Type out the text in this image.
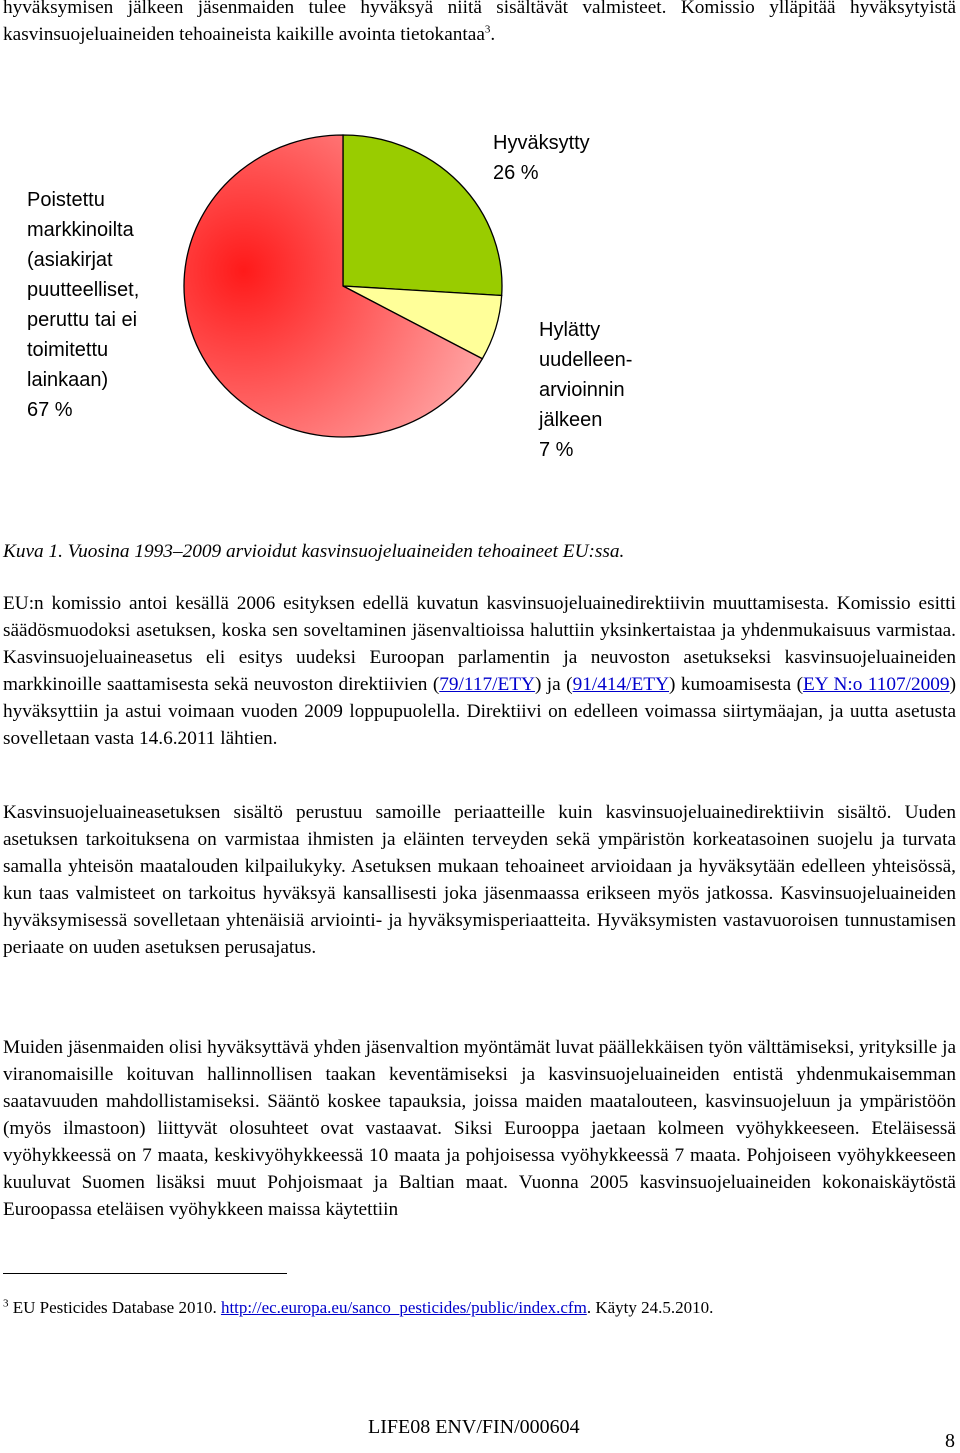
hyväksymisen jälkeen jäsenmaiden tulee hyväksyä niitä sisältävät valmisteet. Komissio ylläpitää hyväksytyistä kasvinsuojeluaineiden tehoaineista kaikille avointa tietokantaa$^3$.

Hyväksytty
26 %
Hylätty
uudelleen-
arvioinnin
jälkeen
7 %
Poistettu
markkinoilta
(asiakirjat
puutteelliset,
peruttu tai ei
toimitettu
lainkaan)
67 %

Kuva 1. Vuosina 1993–2009 arvioidut kasvinsuojeluaineiden tehoaineet EU:ssa.

EU:n komissio antoi kesällä 2006 esityksen edellä kuvatun kasvinsuojeluainedirektiivin muuttamisesta. Komissio esitti säädösmuodoksi asetuksen, koska sen soveltaminen jäsenvaltioissa haluttiin yksinkertaistaa ja yhdenmukaisuus varmistaa. Kasvinsuojeluaineasetus eli esitys uudeksi Euroopan parlamentin ja neuvoston asetukseksi kasvinsuojeluaineiden markkinoille saattamisesta sekä neuvoston direktiivien (79/117/ETY) ja (91/414/ETY) kumoamisesta (EY N:o 1107/2009) hyväksyttiin ja astui voimaan vuoden 2009 loppupuolella. Direktiivi on edelleen voimassa siirtymäajan, ja uutta asetusta sovelletaan vasta 14.6.2011 lähtien.

Kasvinsuojeluaineasetuksen sisältö perustuu samoille periaatteille kuin kasvinsuojeluainedirektiivin sisältö. Uuden asetuksen tarkoituksena on varmistaa ihmisten ja eläinten terveyden sekä ympäristön korkeatasoinen suojelu ja turvata samalla yhteisön maatalouden kilpailukyky. Asetuksen mukaan tehoaineet arvioidaan ja hyväksytään edelleen yhteisössä, kun taas valmisteet on tarkoitus hyväksyä kansallisesti joka jäsenmaassa erikseen myös jatkossa. Kasvinsuojeluaineiden hyväksymisessä sovelletaan yhtenäisiä arviointi- ja hyväksymisperiaatteita. Hyväksymisten vastavuoroisen tunnustamisen periaate on uuden asetuksen perusajatus.

Muiden jäsenmaiden olisi hyväksyttävä yhden jäsenvaltion myöntämät luvat päällekkäisen työn välttämiseksi, yrityksille ja viranomaisille koituvan hallinnollisen taakan keventämiseksi ja kasvinsuojeluaineiden entistä yhdenmukaisemman saatavuuden mahdollistamiseksi. Sääntö koskee tapauksia, joissa maiden maatalouteen, kasvinsuojeluun ja ympäristöön (myös ilmastoon) liittyvät olosuhteet ovat vastaavat. Siksi Eurooppa jaetaan kolmeen vyöhykkeeseen. Eteläisessä vyöhykkeessä on 7 maata, keskivyöhykkeessä 10 maata ja pohjoisessa vyöhykkeessä 7 maata. Pohjoiseen vyöhykkeeseen kuuluvat Suomen lisäksi muut Pohjoismaat ja Baltian maat. Vuonna 2005 kasvinsuojeluaineiden kokonaiskäytöstä Euroopassa eteläisen vyöhykkeen maissa käytettiin

$^3$ EU Pesticides Database 2010. http://ec.europa.eu/sanco_pesticides/public/index.cfm. Käyty 24.5.2010.

LIFE08 ENV/FIN/000604

8
